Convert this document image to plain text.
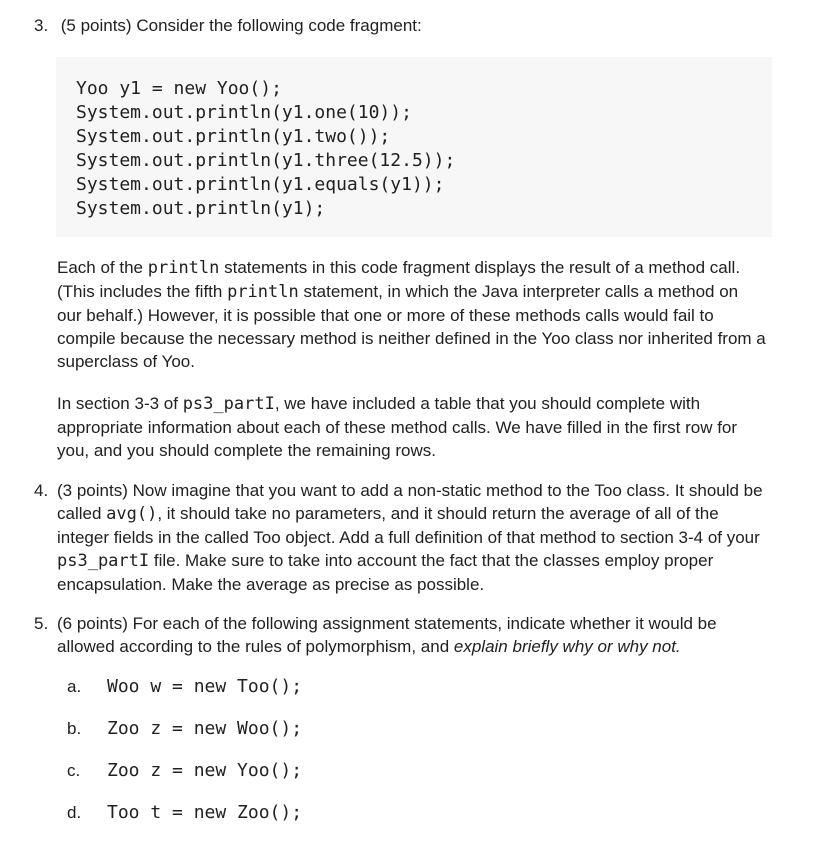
3. (5 points) Consider the following code fragment:
Yoo y1 = new Yoo();
System.out.println(y1.one(10));
System.out.println(y1.two());
System.out.println(y1.three(12.5));
System.out.println(y1.equals(y1));
System.out.println(y1);

Each of the println statements in this code fragment displays the result of a method call. (This includes the fifth println statement, in which the Java interpreter calls a method on our behalf.) However, it is possible that one or more of these methods calls would fail to compile because the necessary method is neither defined in the Yoo class nor inherited from a superclass of Yoo.

In section 3-3 of ps3_partI, we have included a table that you should complete with appropriate information about each of these method calls. We have filled in the first row for you, and you should complete the remaining rows.

4. (3 points) Now imagine that you want to add a non-static method to the Too class. It should be called avg(), it should take no parameters, and it should return the average of all of the integer fields in the called Too object. Add a full definition of that method to section 3-4 of your ps3_partI file. Make sure to take into account the fact that the classes employ proper encapsulation. Make the average as precise as possible.
5. (6 points) For each of the following assignment statements, indicate whether it would be allowed according to the rules of polymorphism, and explain briefly why or why not.
a. Woo w = new Too();
b. Zoo z = new Woo();
c. Zoo z = new Yoo();
d. Too t = new Zoo();
